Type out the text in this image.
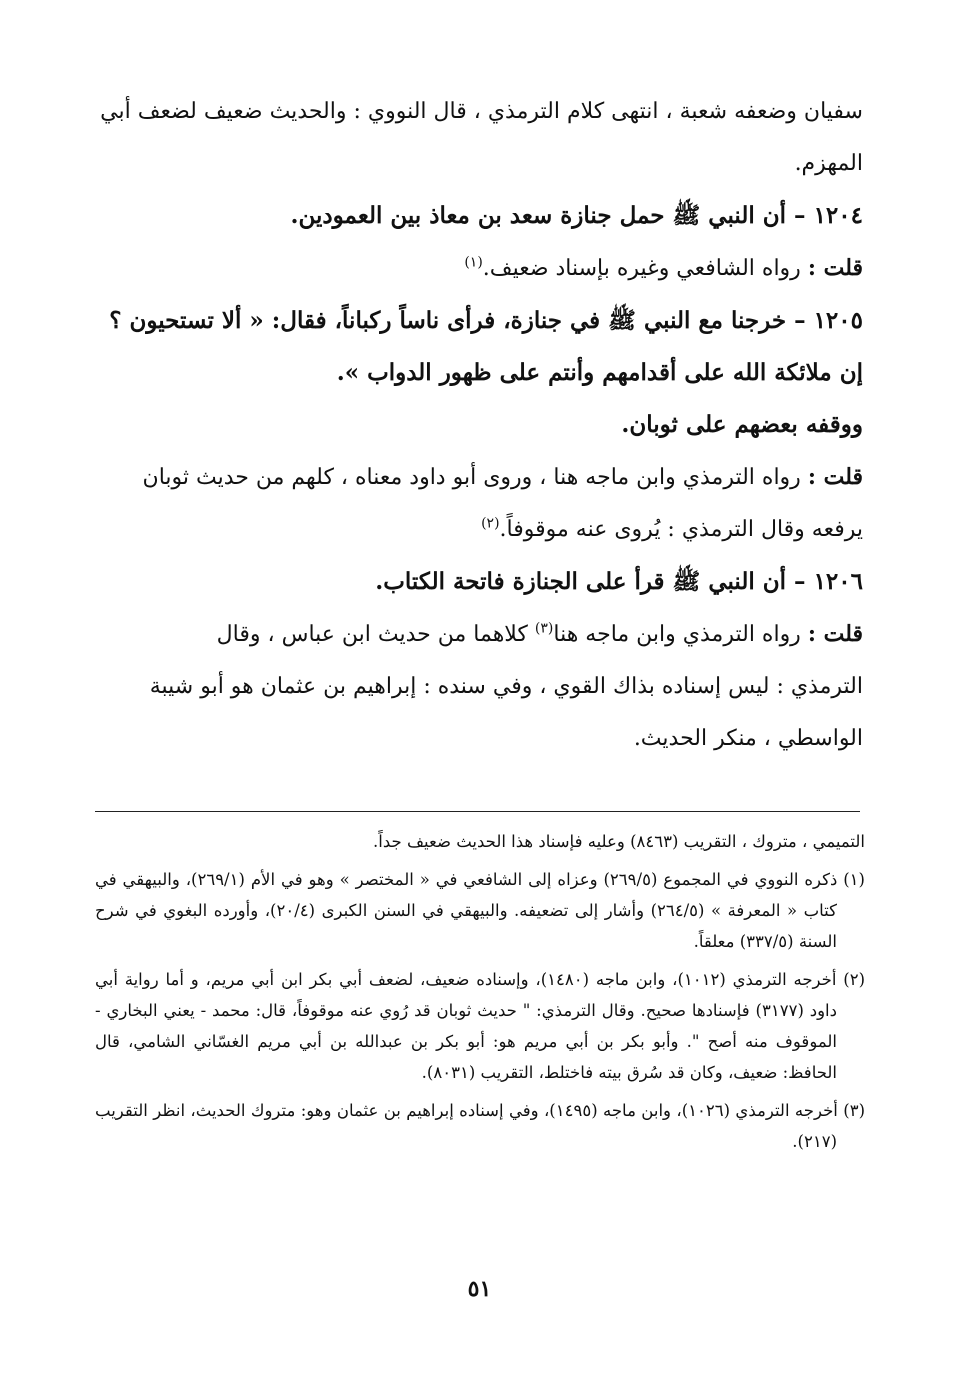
سفيان وضعفه شعبة ، انتهى كلام الترمذي ، قال النووي : والحديث ضعيف لضعف أبي

المهزم.

١٢٠٤ – أن النبي ﷺ حمل جنازة سعد بن معاذ بين العمودين.

قلت : رواه الشافعي وغيره بإسناد ضعيف.$^{(١)}$

١٢٠٥ – خرجنا مع النبي ﷺ في جنازة، فرأى ناساً ركباناً، فقال: « ألا تستحيون ؟

إن ملائكة الله على أقدامهم وأنتم على ظهور الدواب ».

ووقفه بعضهم على ثوبان.

قلت : رواه الترمذي وابن ماجه هنا ، وروى أبو داود معناه ، كلهم من حديث ثوبان

يرفعه وقال الترمذي : يُروى عنه موقوفاً.$^{(٢)}$

١٢٠٦ – أن النبي ﷺ قرأ على الجنازة فاتحة الكتاب.

قلت : رواه الترمذي وابن ماجه هنا$^{(٣)}$ كلاهما من حديث ابن عباس ، وقال

الترمذي : ليس إسناده بذاك القوي ، وفي سنده : إبراهيم بن عثمان هو أبو شيبة

الواسطي ، منكر الحديث.

التميمي ، متروك ، التقريب (٨٤٦٣) وعليه فإسناد هذا الحديث ضعيف جداً.

(١) ذكره النووي في المجموع (٢٦٩/٥) وعزاه إلى الشافعي في « المختصر » وهو في الأم (٢٦٩/١)، والبيهقي في كتاب « المعرفة » (٢٦٤/٥) وأشار إلى تضعيفه. والبيهقي في السنن الكبرى (٢٠/٤)، وأورده البغوي في شرح السنة (٣٣٧/٥) معلقاً.

(٢) أخرجه الترمذي (١٠١٢)، وابن ماجه (١٤٨٠)، وإسناده ضعيف، لضعف أبي بكر ابن أبي مريم، و أما رواية أبي داود (٣١٧٧) فإسنادها صحيح. وقال الترمذي: " حديث ثوبان قد رُوي عنه موقوفاً، قال: محمد - يعني البخاري - الموقوف منه أصح ". وأبو بكر بن أبي مريم هو: أبو بكر بن عبدالله بن أبي مريم الغسّاني الشامي، قال الحافظ: ضعيف، وكان قد سُرق بيته فاختلط، التقريب (٨٠٣١).

(٣) أخرجه الترمذي (١٠٢٦)، وابن ماجه (١٤٩٥)، وفي إسناده إبراهيم بن عثمان وهو: متروك الحديث، انظر التقريب (٢١٧).

٥١
